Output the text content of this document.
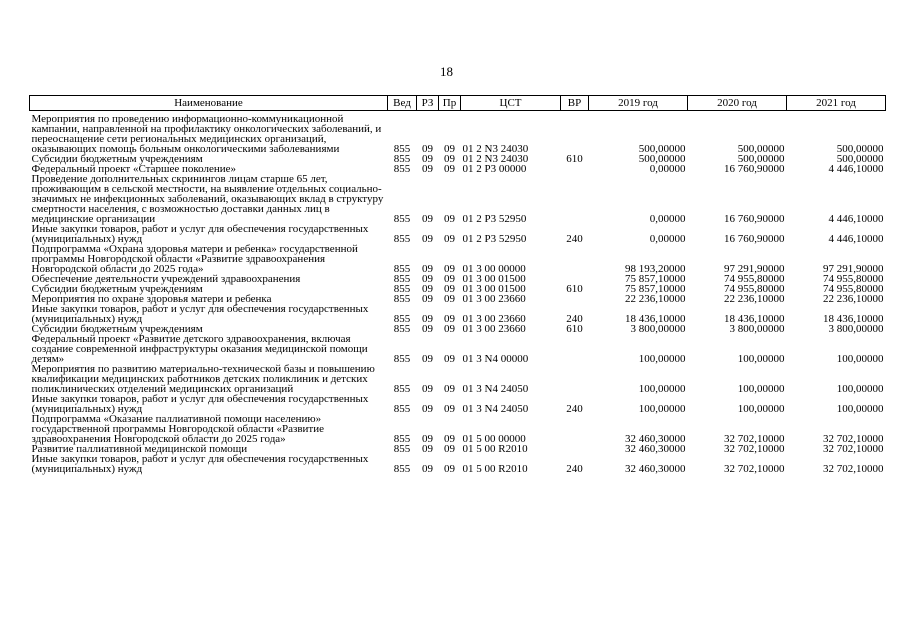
18
Наименование	Вед	РЗ	Пр	ЦСТ	ВР	2019 год	2020 год	2021 год

Мероприятия по проведению информационно-коммуникационной кампании, направленной на профилактику онкологических заболеваний, и переоснащение сети региональных медицинских организаций, оказывающих помощь больным онкологическими заболеваниями	855	09	09	01 2 N3 24030		500,00000	500,00000	500,00000
Субсидии бюджетным учреждениям	855	09	09	01 2 N3 24030	610	500,00000	500,00000	500,00000
Федеральный проект «Старшее поколение»	855	09	09	01 2 P3 00000		0,00000	16 760,90000	4 446,10000
Проведение дополнительных скринингов лицам старше 65 лет, проживающим в сельской местности, на выявление отдельных социально-значимых не инфекционных заболеваний, оказывающих вклад в структуру смертности населения, с возможностью доставки данных лиц в медицинские организации	855	09	09	01 2 P3 52950		0,00000	16 760,90000	4 446,10000
Иные закупки товаров, работ и услуг для обеспечения государственных (муниципальных) нужд	855	09	09	01 2 P3 52950	240	0,00000	16 760,90000	4 446,10000
Подпрограмма «Охрана здоровья матери и ребенка» государственной программы Новгородской области «Развитие здравоохранения Новгородской области до 2025 года»	855	09	09	01 3 00 00000		98 193,20000	97 291,90000	97 291,90000
Обеспечение деятельности учреждений здравоохранения	855	09	09	01 3 00 01500		75 857,10000	74 955,80000	74 955,80000
Субсидии бюджетным учреждениям	855	09	09	01 3 00 01500	610	75 857,10000	74 955,80000	74 955,80000
Мероприятия по охране здоровья матери и ребенка	855	09	09	01 3 00 23660		22 236,10000	22 236,10000	22 236,10000
Иные закупки товаров, работ и услуг для обеспечения государственных (муниципальных) нужд	855	09	09	01 3 00 23660	240	18 436,10000	18 436,10000	18 436,10000
Субсидии бюджетным учреждениям	855	09	09	01 3 00 23660	610	3 800,00000	3 800,00000	3 800,00000
Федеральный проект «Развитие детского здравоохранения, включая создание современной инфраструктуры оказания медицинской помощи детям»	855	09	09	01 3 N4 00000		100,00000	100,00000	100,00000
Мероприятия по развитию материально-технической базы и повышению квалификации медицинских работников детских поликлиник и детских поликлинических отделений медицинских организаций	855	09	09	01 3 N4 24050		100,00000	100,00000	100,00000
Иные закупки товаров, работ и услуг для обеспечения государственных (муниципальных) нужд	855	09	09	01 3 N4 24050	240	100,00000	100,00000	100,00000
Подпрограмма «Оказание паллиативной помощи населению» государственной программы Новгородской области «Развитие здравоохранения Новгородской области до 2025 года»	855	09	09	01 5 00 00000		32 460,30000	32 702,10000	32 702,10000
Развитие паллиативной медицинской помощи	855	09	09	01 5 00 R2010		32 460,30000	32 702,10000	32 702,10000
Иные закупки товаров, работ и услуг для обеспечения государственных (муниципальных) нужд	855	09	09	01 5 00 R2010	240	32 460,30000	32 702,10000	32 702,10000
